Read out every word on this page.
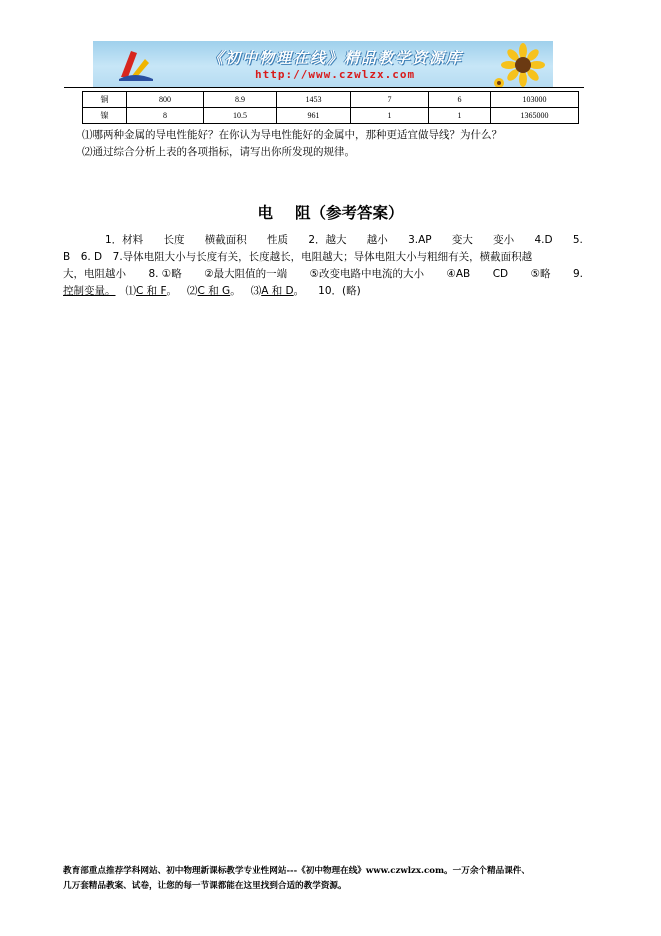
《初中物理在线》精品教学资源库
http://www.czwlzx.com
铜	800	8.9	1453	7	6	103000
镍	8	10.5	961	1	1	1365000
⑴哪两种金属的导电性能好？在你认为导电性能好的金属中，那种更适宜做导线？为什么？
⑵通过综合分析上表的各项指标，请写出你所发现的规律。
电 阻（参考答案）
1．材料 长度 横截面积 性质 2．越大 越小 3.AP 变大 变小 4.D 5.
B　6. D　7.导体电阻大小与长度有关，长度越长，电阻越大；导体电阻大小与粗细有关，横截面积越
大，电阻越小 8. ①略 ②最大阻值的一端 ⑤改变电路中电流的大小 ④AB CD ⑤略 9.
控制变量。 ⑴ C 和 F 。 ⑵ C 和 G 。 ⑶ A 和 D 。 10．(略)
教育部重点推荐学科网站、初中物理新课标教学专业性网站---《初中物理在线》www.czwlzx.com。一万余个精品课件、
几万套精品教案、试卷，让您的每一节课都能在这里找到合适的教学资源。
